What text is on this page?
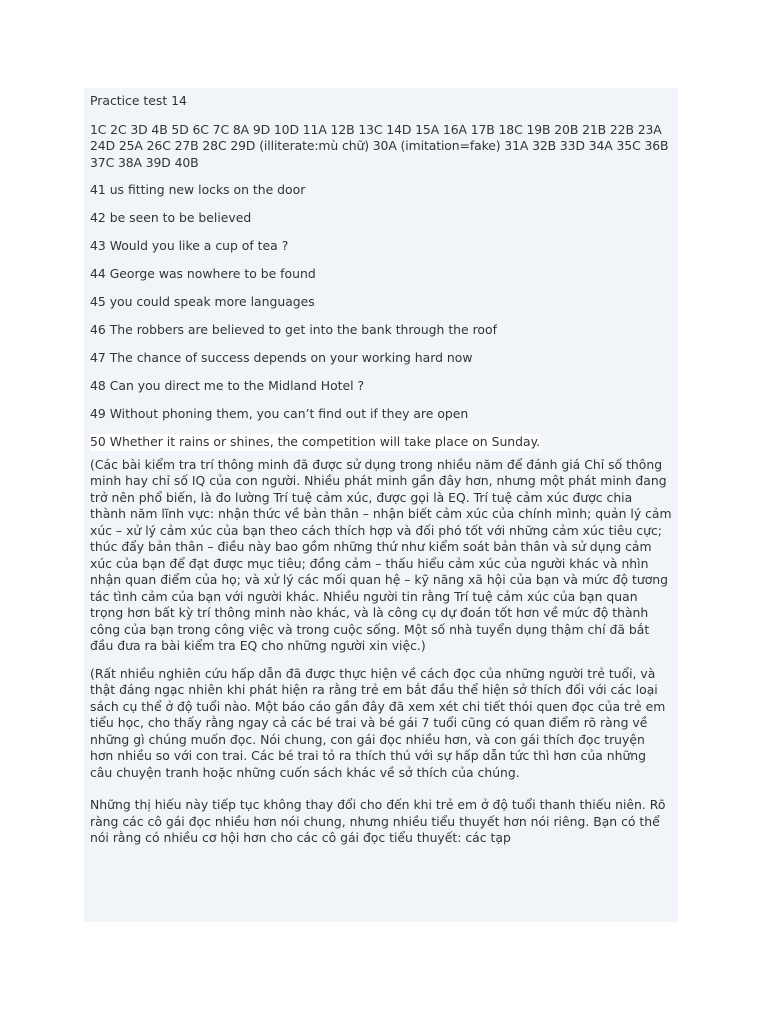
Practice test 14
1C 2C 3D 4B 5D 6C 7C 8A 9D 10D 11A 12B 13C 14D 15A 16A 17B 18C 19B 20B 21B 22B 23A 24D 25A 26C 27B 28C 29D (illiterate:mù chữ) 30A (imitation=fake) 31A 32B 33D 34A 35C 36B 37C 38A 39D 40B
41 us fitting new locks on the door
42 be seen to be believed
43 Would you like a cup of tea ?
44 George was nowhere to be found
45 you could speak more languages
46 The robbers are believed to get into the bank through the roof
47 The chance of success depends on your working hard now
48 Can you direct me to the Midland Hotel ?
49 Without phoning them, you can’t find out if they are open
50 Whether it rains or shines, the competition will take place on Sunday.
(Các bài kiểm tra trí thông minh đã được sử dụng trong nhiều năm để đánh giá Chỉ số thông minh hay chỉ số IQ của con người. Nhiều phát minh gần đây hơn, nhưng một phát minh đang trở nên phổ biến, là đo lường Trí tuệ cảm xúc, được gọi là EQ. Trí tuệ cảm xúc được chia thành năm lĩnh vực: nhận thức về bản thân – nhận biết cảm xúc của chính mình; quản lý cảm xúc – xử lý cảm xúc của bạn theo cách thích hợp và đối phó tốt với những cảm xúc tiêu cực; thúc đẩy bản thân – điều này bao gồm những thứ như kiểm soát bản thân và sử dụng cảm xúc của bạn để đạt được mục tiêu; đồng cảm – thấu hiểu cảm xúc của người khác và nhìn nhận quan điểm của họ; và xử lý các mối quan hệ – kỹ năng xã hội của bạn và mức độ tương tác tình cảm của bạn với người khác. Nhiều người tin rằng Trí tuệ cảm xúc của bạn quan trọng hơn bất kỳ trí thông minh nào khác, và là công cụ dự đoán tốt hơn về mức độ thành công của bạn trong công việc và trong cuộc sống. Một số nhà tuyển dụng thậm chí đã bắt đầu đưa ra bài kiểm tra EQ cho những người xin việc.)
(Rất nhiều nghiên cứu hấp dẫn đã được thực hiện về cách đọc của những người trẻ tuổi, và thật đáng ngạc nhiên khi phát hiện ra rằng trẻ em bắt đầu thể hiện sở thích đối với các loại sách cụ thể ở độ tuổi nào. Một báo cáo gần đây đã xem xét chi tiết thói quen đọc của trẻ em tiểu học, cho thấy rằng ngay cả các bé trai và bé gái 7 tuổi cũng có quan điểm rõ ràng về những gì chúng muốn đọc. Nói chung, con gái đọc nhiều hơn, và con gái thích đọc truyện hơn nhiều so với con trai. Các bé trai tỏ ra thích thú với sự hấp dẫn tức thì hơn của những câu chuyện tranh hoặc những cuốn sách khác về sở thích của chúng.
Những thị hiếu này tiếp tục không thay đổi cho đến khi trẻ em ở độ tuổi thanh thiếu niên. Rõ ràng các cô gái đọc nhiều hơn nói chung, nhưng nhiều tiểu thuyết hơn nói riêng. Bạn có thể nói rằng có nhiều cơ hội hơn cho các cô gái đọc tiểu thuyết: các tạp
